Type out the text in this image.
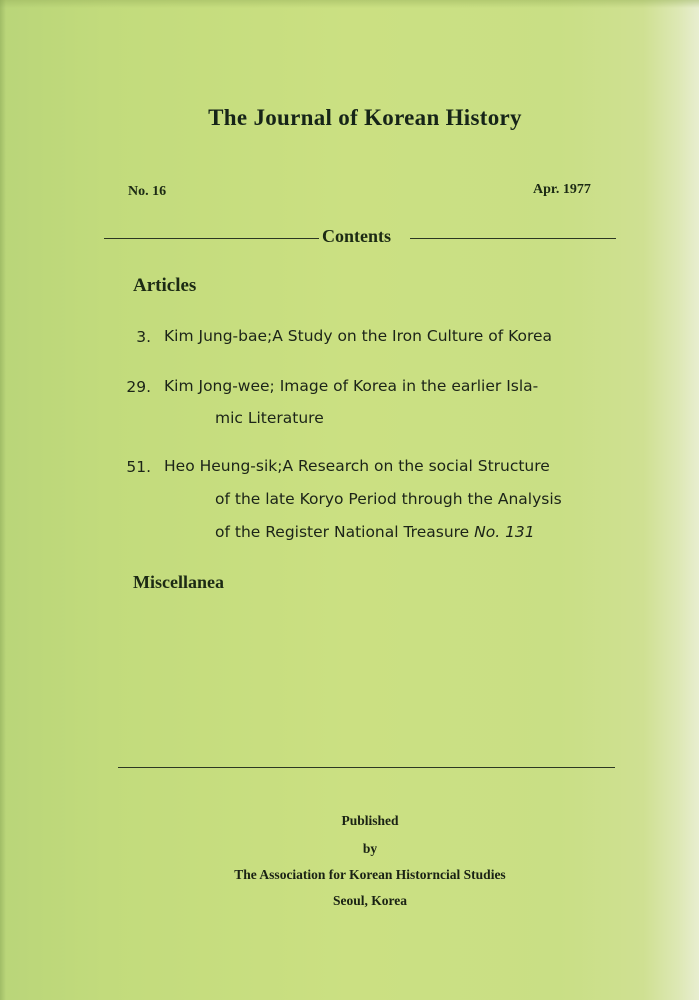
The Journal of Korean History
No. 16	Apr. 1977
Contents
Articles
3. Kim Jung-bae;A Study on the Iron Culture of Korea
29. Kim Jong-wee; Image of Korea in the earlier Isla-
mic Literature
51. Heo Heung-sik;A Research on the social Structure
of the late Koryo Period through the Analysis
of the Register National Treasure No. 131
Miscellanea
Published
by
The Association for Korean Historncial Studies
Seoul, Korea
